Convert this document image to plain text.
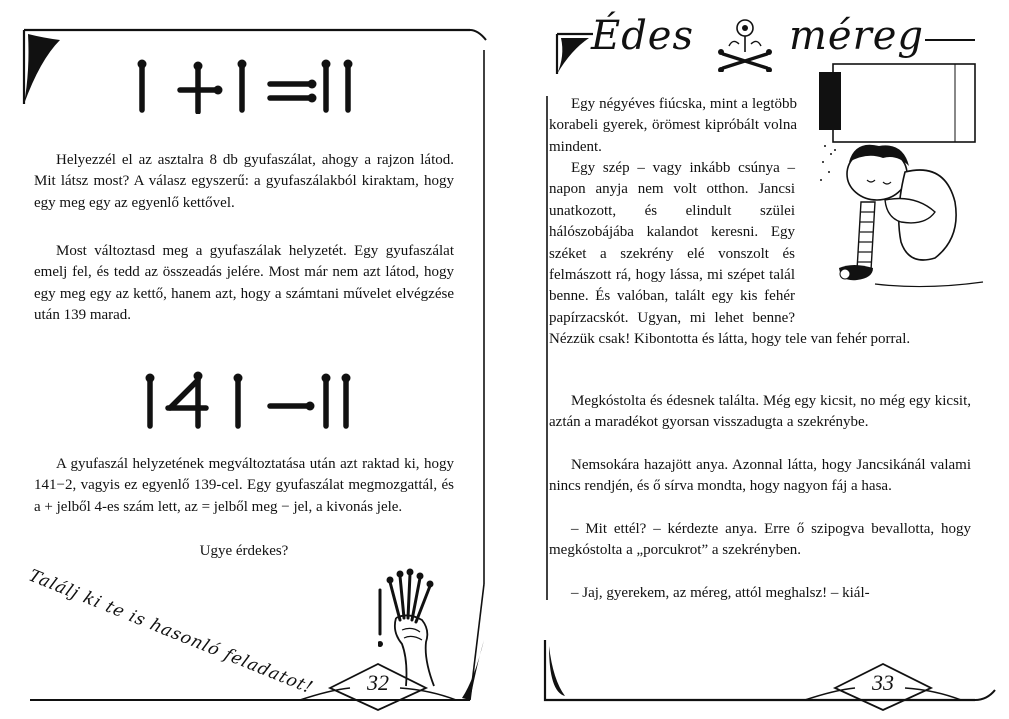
Helyezzél el az asztalra 8 db gyufaszálat, ahogy a rajzon látod. Mit látsz most? A válasz egyszerű: a gyufaszálakból kiraktam, hogy egy meg egy az egyenlő kettővel.

Most változtasd meg a gyufaszálak helyzetét. Egy gyufaszálat emelj fel, és tedd az összeadás jelére. Most már nem azt látod, hogy egy meg egy az kettő, hanem azt, hogy a számtani művelet elvégzése után 139 marad.

A gyufaszál helyzetének megváltoztatása után azt raktad ki, hogy 141−2, vagyis ez egyenlő 139-cel. Egy gyufaszálat megmozgattál, és a + jelből 4-es szám lett, az = jelből meg − jel, a kivonás jele.

Ugye érdekes?

Találj ki te is hasonló feladatot!	32
Édes méreg

Egy négyéves fiúcska, mint a legtöbb korabeli gyerek, örömest kipróbált volna mindent.

Egy szép – vagy inkább csúnya – napon anyja nem volt otthon. Jancsi unatkozott, és elindult szülei hálószobájába kalandot keresni. Egy széket a szekrény elé vonszolt és felmászott rá, hogy lássa, mi szépet talál benne. És valóban, talált egy kis fehér papírzacskót. Ugyan, mi lehet benne? Nézzük csak! Kibontotta és látta, hogy tele van fehér porral.

Megkóstolta és édesnek találta. Még egy kicsit, no még egy kicsit, aztán a maradékot gyorsan visszadugta a szekrénybe.

Nemsokára hazajött anya. Azonnal látta, hogy Jancsikánál valami nincs rendjén, és ő sírva mondta, hogy nagyon fáj a hasa.

– Mit ettél? – kérdezte anya. Erre ő szipogva bevallotta, hogy megkóstolta a „porcukrot” a szekrényben.

– Jaj, gyerekem, az méreg, attól meghalsz! – kiál-

33
